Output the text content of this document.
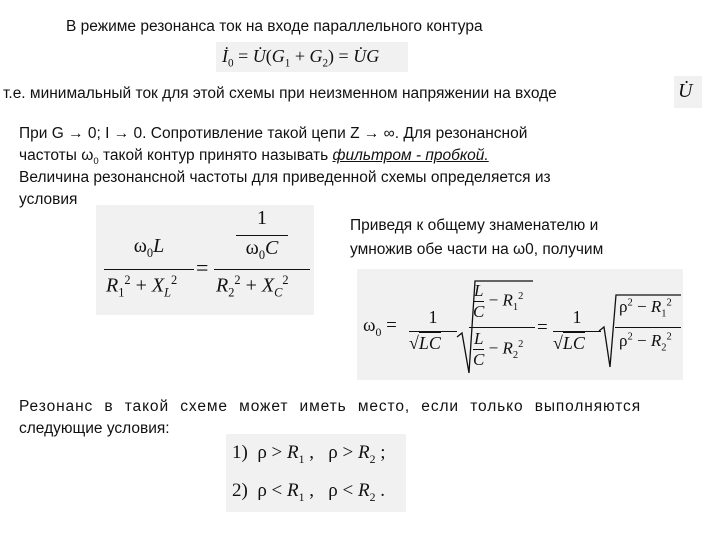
В режиме резонанса ток на входе параллельного контура
$İ_0$ = $U̇(G_1 + G_2)$ = U̇G
т.е. минимальный ток для этой схемы при неизменном напряжении на входе	U̇
При G → 0; I → 0. Сопротивление такой цепи Z → ∞. Для резонансной
частоты $\omega_0$ такой контур принято называть фильтром - пробкой.
Величина резонансной частоты для приведенной схемы определяется из
условия
$\omega_0L$
$R_1^2 + X_L^2$ =
1
$\omega_0C$
$R_2^2 + X_C^2$
Приведя к общему знаменателю и
умножив обе части на ω0, получим
$\omega_0$ =	1
√LC
$\frac{L}{C} - R_1^2$
$\frac{L}{C} - R_2^2$
=	1
√LC
$\rho^2 - R_1^2$
$\rho^2 - R_2^2$
Резонанс в такой схеме может иметь место, если только выполняются
следующие условия:
1)  $\rho > R_1$ ,   $\rho > R_2$ ;
2)  $\rho < R_1$ ,   $\rho < R_2$ .
